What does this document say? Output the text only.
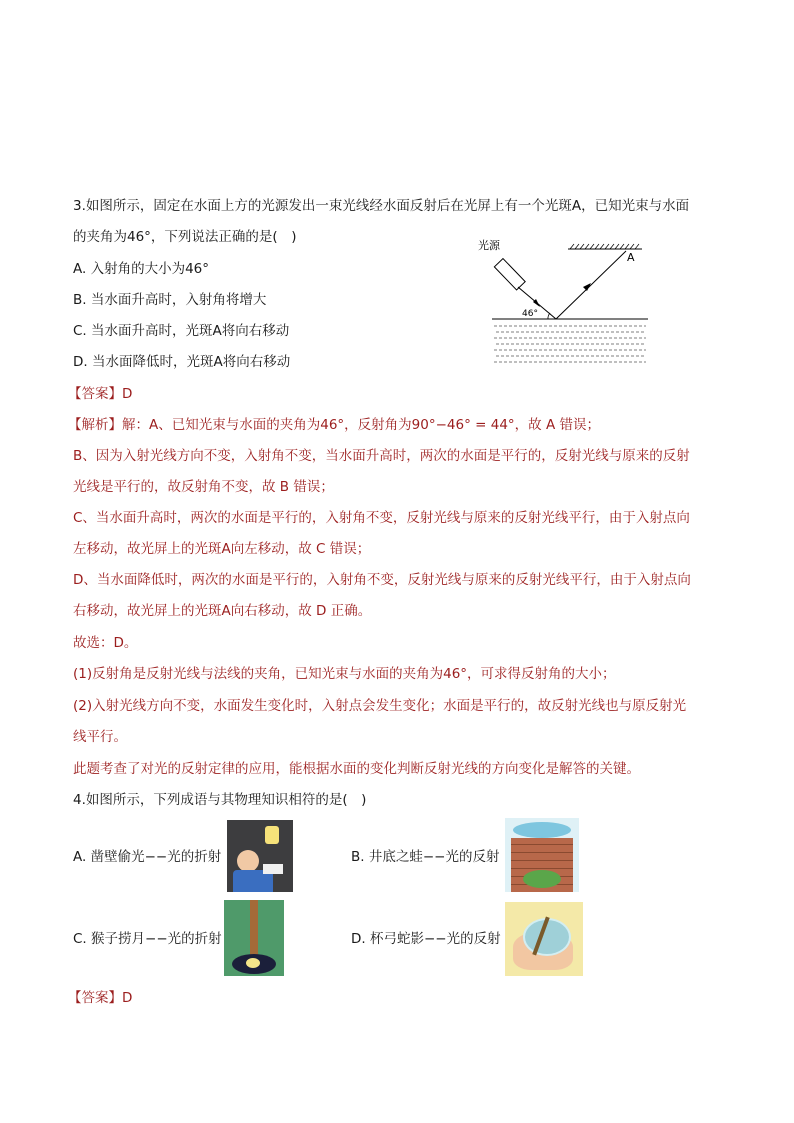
3.如图所示，固定在水面上方的光源发出一束光线经水面反射后在光屏上有一个光斑A，已知光束与水面
的夹角为46°，下列说法正确的是(　)
A. 入射角的大小为46°
B. 当水面升高时，入射角将增大
C. 当水面升高时，光斑A将向右移动
D. 当水面降低时，光斑A将向右移动
光源
A
46°
【答案】D
【解析】解：A、已知光束与水面的夹角为46°，反射角为90°−46° = 44°，故 A 错误；
B、因为入射光线方向不变，入射角不变，当水面升高时，两次的水面是平行的，反射光线与原来的反射
光线是平行的，故反射角不变，故 B 错误；
C、当水面升高时，两次的水面是平行的，入射角不变，反射光线与原来的反射光线平行，由于入射点向
左移动，故光屏上的光斑A向左移动，故 C 错误；
D、当水面降低时，两次的水面是平行的，入射角不变，反射光线与原来的反射光线平行，由于入射点向
右移动，故光屏上的光斑A向右移动，故 D 正确。
故选：D。
(1)反射角是反射光线与法线的夹角，已知光束与水面的夹角为46°，可求得反射角的大小；
(2)入射光线方向不变，水面发生变化时，入射点会发生变化；水面是平行的，故反射光线也与原反射光
线平行。
此题考查了对光的反射定律的应用，能根据水面的变化判断反射光线的方向变化是解答的关键。
4.如图所示，下列成语与其物理知识相符的是(　)
A. 凿壁偷光−−光的折射	B. 井底之蛙−−光的反射
C. 猴子捞月−−光的折射	D. 杯弓蛇影−−光的反射
【答案】D
